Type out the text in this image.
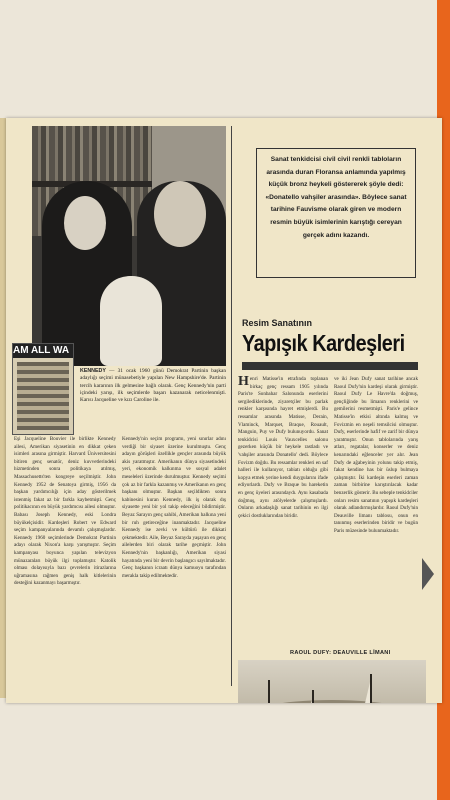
AM ALL WA
KENNEDY — 31 ocak 1960 günü Demokrat Partinin başkan adaylığı seçimi münasebetiyle yapılan New Hampshire'de. Partinin tercih kararının ilk gelmesine bağlı olarak. Genç Kennedy'nin parti içindeki yarışı, ilk seçimlerde başarı kazanarak neticelenmişti. Karısı Jacqueline ve kızı Caroline ile.
Eşi Jacqueline Bouvier ile birlikte Kennedy ailesi, Amerikan siyasetinin en dikkat çeken isimleri arasına girmiştir. Harvard Üniversitesini bitiren genç senatör, deniz kuvvetlerindeki hizmetinden sonra politikaya atılmış, Massachusetts'ten kongreye seçilmiştir. John Kennedy 1952 de Senatoya girmiş, 1956 da başkan yardımcılığı için aday gösterilmek istenmiş fakat az bir farkla kaybetmişti. Genç politikacının en büyük yardımcısı ailesi olmuştur. Babası Joseph Kennedy, eski Londra büyükelçisidir. Kardeşleri Robert ve Edward seçim kampanyalarında devamlı çalışmışlardır. Kennedy 1960 seçimlerinde Demokrat Partinin adayı olarak Nixon'a karşı yarışmıştır. Seçim kampanyası boyunca yapılan televizyon münazaraları büyük ilgi toplamıştır. Katolik olması dolayısıyla bazı çevrelerin itirazlarına uğramasına rağmen geniş halk kitlelerinin desteğini kazanmayı başarmıştır.
Kennedy'nin seçim programı, yeni sınırlar adını verdiği bir siyaset üzerine kurulmuştu. Genç adayın görüşleri özellikle gençler arasında büyük akis yaratmıştır. Amerikanın dünya siyasetindeki yeri, ekonomik kalkınma ve sosyal adalet meseleleri üzerinde durulmuştur. Kennedy seçimi çok az bir farkla kazanmış ve Amerikanın en genç başkanı olmuştur. Başkan seçildikten sonra kabinesini kuran Kennedy, ilk iş olarak dış siyasette yeni bir yol takip edeceğini bildirmiştir. Beyaz Sarayın genç sahibi, Amerikan halkına yeni bir ruh getireceğine inanmaktadır. Jacqueline Kennedy ise zevki ve kültürü ile dikkati çekmektedir. Aile, Beyaz Sarayda yaşayan en genç ailelerden biri olarak tarihe geçmiştir. John Kennedy'nin başkanlığı, Amerikan siyasi hayatında yeni bir devrin başlangıcı sayılmaktadır. Genç başkanın icraatı dünya kamuoyu tarafından merakla takip edilmektedir.
Sanat tenkidcisi civil civil renkli tabloların arasında duran Floransa anlamında yapılmış küçük bronz heykeli göstererek şöyle dedi: «Donatello vahşiler arasında». Böylece sanat tarihine Fauvisme olarak giren ve modern resmin büyük isimlerinin karıştığı cereyan gerçek adını kazandı.
Resim Sanatının
Yapışık Kardeşleri
Henri Matisse'in etrafında toplanan birkaç genç ressam 1905 yılında Paris'te Sonbahar Salonunda eserlerini sergilediklerinde, ziyaretçiler bu parlak renkler karşısında hayret etmişlerdi. Bu ressamlar arasında Matisse, Derain, Vlaminck, Marquet, Braque, Rouault, Manguin, Puy ve Dufy bulunuyordu. Sanat tenkidcisi Louis Vauxcelles salonu gezerken küçük bir heykele rastladı ve 'vahşiler arasında Donatello' dedi. Böylece Fovizm doğdu. Bu ressamlar renkleri en saf halleri ile kullanıyor, tabiatı olduğu gibi kopya etmek yerine kendi duygularını ifade ediyorlardı. Dufy ve Braque bu hareketin en genç üyeleri arasındaydı. Aynı kasabada doğmuş, aynı atölyelerde çalışmışlardı. Onların arkadaşlığı sanat tarihinin en ilgi çekici dostluklarından biridir.
ve iki Jean Dufy sanat tarihine ancak Raoul Dufy'nin kardeşi olarak girmiştir. Raoul Dufy Le Havre'da doğmuş, gençliğinde bu limanın renklerini ve gemilerini resmetmişti. Paris'e gelince Matisse'in etkisi altında kalmış ve Fovizmin en neşeli temsilcisi olmuştur. Dufy, eserlerinde hafif ve zarif bir dünya yaratmıştır. Onun tablolarında yarış atları, regatalar, konserler ve deniz kenarındaki eğlenceler yer alır. Jean Dufy de ağabeyinin yolunu takip etmiş, fakat kendine has bir üslup bulmaya çalışmıştır. İki kardeşin eserleri zaman zaman birbirine karıştırılacak kadar benzerlik gösterir. Bu sebeple tenkidciler onları resim sanatının yapışık kardeşleri olarak adlandırmışlardır. Raoul Dufy'nin Deauville limanı tablosu, onun en tanınmış eserlerinden biridir ve bugün Paris müzesinde bulunmaktadır.
RAOUL DUFY: DEAUVILLE LİMANI
